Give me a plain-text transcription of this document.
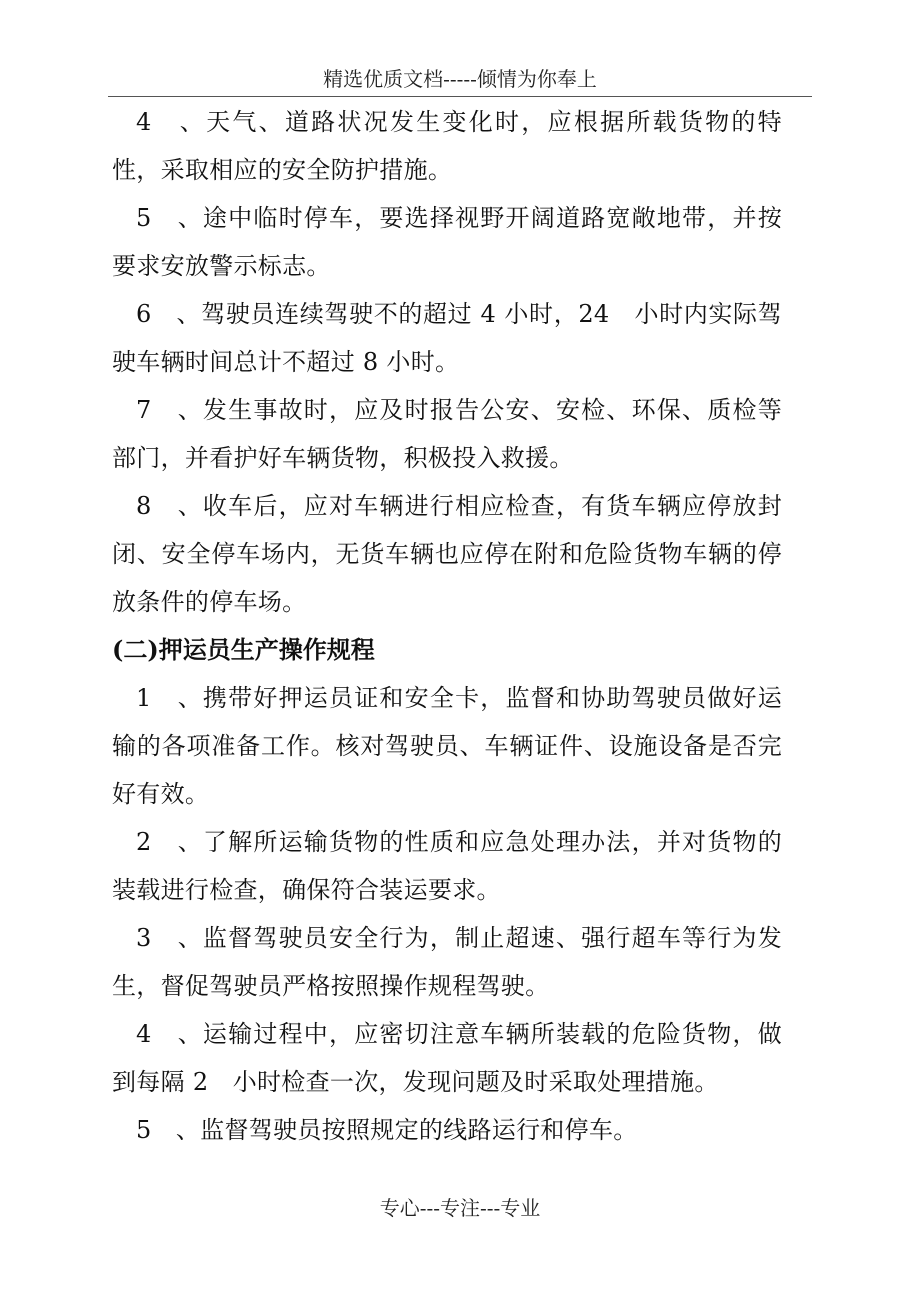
精选优质文档-----倾情为你奉上

4　、天气、道路状况发生变化时，应根据所载货物的特性，采取相应的安全防护措施。

5　、途中临时停车，要选择视野开阔道路宽敞地带，并按要求安放警示标志。

6　、驾驶员连续驾驶不的超过 4 小时，24　小时内实际驾驶车辆时间总计不超过 8 小时。

7　、发生事故时，应及时报告公安、安检、环保、质检等部门，并看护好车辆货物，积极投入救援。

8　、收车后，应对车辆进行相应检查，有货车辆应停放封闭、安全停车场内，无货车辆也应停在附和危险货物车辆的停放条件的停车场。

(二)押运员生产操作规程

1　、携带好押运员证和安全卡，监督和协助驾驶员做好运输的各项准备工作。核对驾驶员、车辆证件、设施设备是否完好有效。

2　、了解所运输货物的性质和应急处理办法，并对货物的装载进行检查，确保符合装运要求。

3　、监督驾驶员安全行为，制止超速、强行超车等行为发生，督促驾驶员严格按照操作规程驾驶。

4　、运输过程中，应密切注意车辆所装载的危险货物，做到每隔 2　小时检查一次，发现问题及时采取处理措施。

5　、监督驾驶员按照规定的线路运行和停车。

专心---专注---专业
